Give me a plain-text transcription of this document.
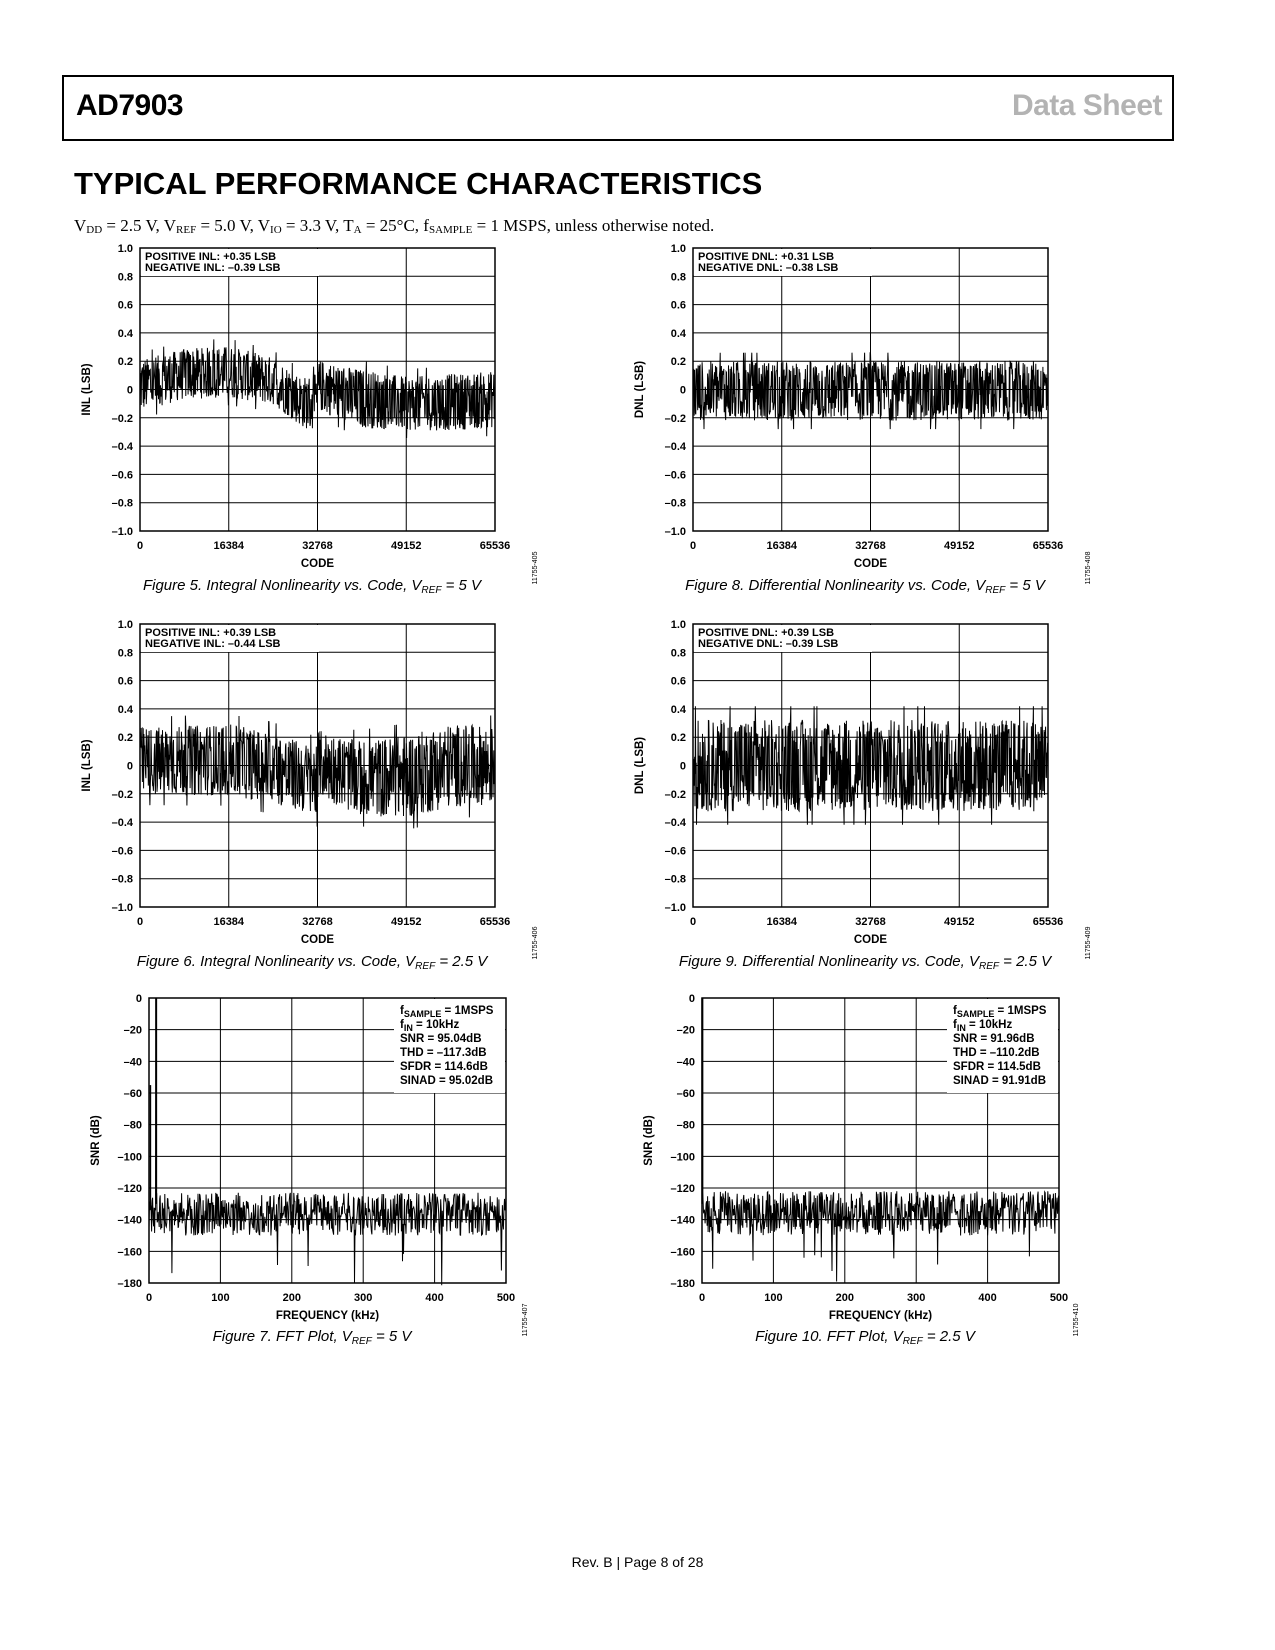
AD7903	Data Sheet
TYPICAL PERFORMANCE CHARACTERISTICS
$V_{DD} = 2.5$ V, $V_{REF} = 5.0$ V, $V_{IO} = 3.3$ V, $T_A = 25^\circ C$, $f_{SAMPLE} = 1$ MSPS, unless otherwise noted.
POSITIVE INL: +0.35 LSB
NEGATIVE INL: –0.39 LSB
1.0
0.8
0.6
0.4
0.2
0
–0.2
–0.4
–0.6
–0.8
–1.0
0	16384	32768	49152	65536
CODE
INL (LSB)
11755-405
Figure 5. Integral Nonlinearity vs. Code, $V_{REF} = 5$ V
POSITIVE DNL: +0.31 LSB
NEGATIVE DNL: –0.38 LSB
1.0
0.8
0.6
0.4
0.2
0
–0.2
–0.4
–0.6
–0.8
–1.0
0	16384	32768	49152	65536
CODE
DNL (LSB)
11755-408
Figure 8. Differential Nonlinearity vs. Code, $V_{REF} = 5$ V
POSITIVE INL: +0.39 LSB
NEGATIVE INL: –0.44 LSB
1.0
0.8
0.6
0.4
0.2
0
–0.2
–0.4
–0.6
–0.8
–1.0
0	16384	32768	49152	65536
CODE
INL (LSB)
11755-406
Figure 6. Integral Nonlinearity vs. Code, $V_{REF} = 2.5$ V
POSITIVE DNL: +0.39 LSB
NEGATIVE DNL: –0.39 LSB
1.0
0.8
0.6
0.4
0.2
0
–0.2
–0.4
–0.6
–0.8
–1.0
0	16384	32768	49152	65536
CODE
DNL (LSB)
11755-409
Figure 9. Differential Nonlinearity vs. Code, $V_{REF} = 2.5$ V
$f_{SAMPLE}$ = 1MSPS
$f_{IN} = 10kHz$
SNR = 95.04dB
THD = –117.3dB
SFDR = 114.6dB
SINAD = 95.02dB
0
–20
–40
–60
–80
–100
–120
–140
–160
–180
0	100	200	300	400	500
FREQUENCY (kHz)
SNR (dB)
11755-407
Figure 7. FFT Plot, $V_{REF} = 5$ V
$f_{SAMPLE}$ = 1MSPS
$f_{IN} = 10kHz$
SNR = 91.96dB
THD = –110.2dB
SFDR = 114.5dB
SINAD = 91.91dB
0
–20
–40
–60
–80
–100
–120
–140
–160
–180
0	100	200	300	400	500
FREQUENCY (kHz)
SNR (dB)
11755-410
Figure 10. FFT Plot, $V_{REF} = 2.5$ V
Rev. B | Page 8 of 28
